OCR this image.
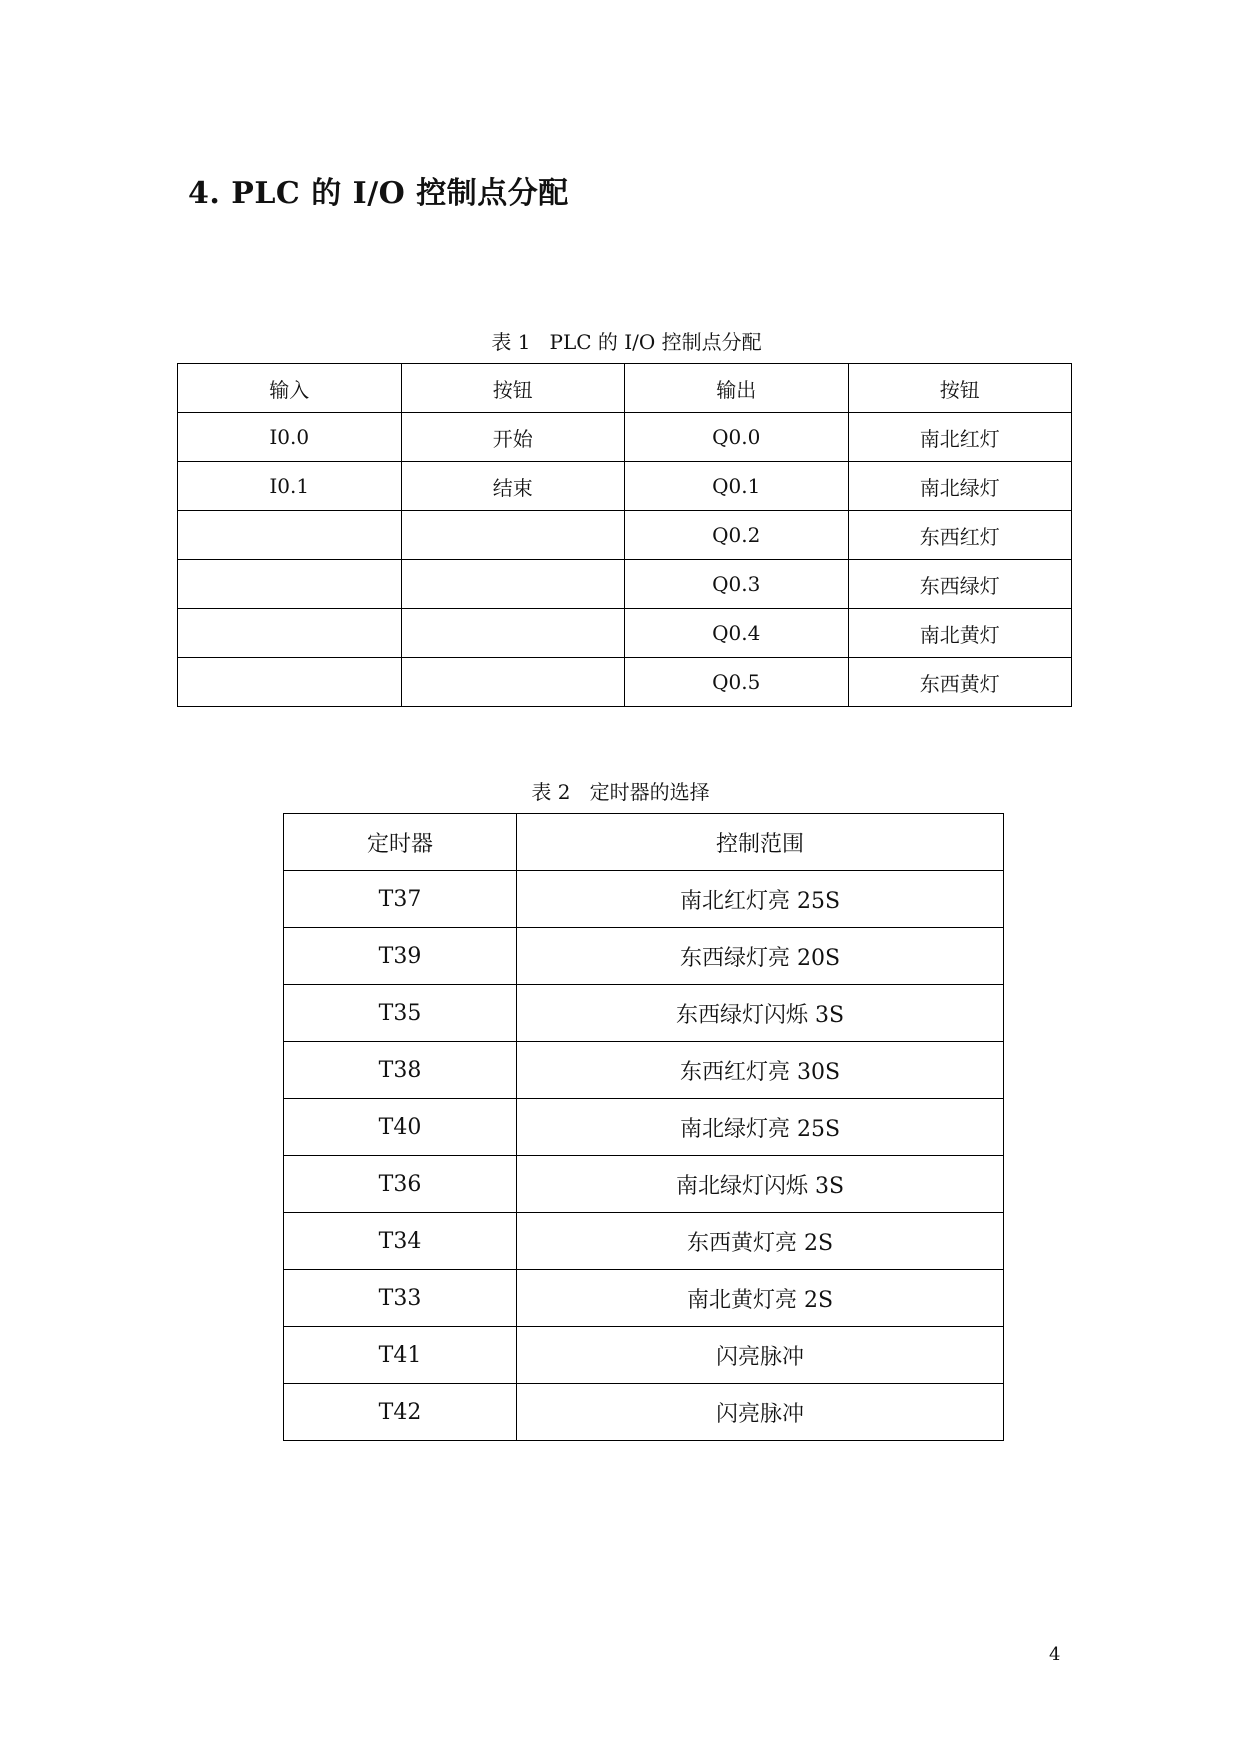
4. PLC 的 I/O 控制点分配
表 1   PLC 的 I/O 控制点分配
输入	按钮	输出	按钮
I0.0	开始	Q0.0	南北红灯
I0.1	结束	Q0.1	南北绿灯
		Q0.2	东西红灯
		Q0.3	东西绿灯
		Q0.4	南北黄灯
		Q0.5	东西黄灯
表 2   定时器的选择
定时器	控制范围
T37	南北红灯亮 25S
T39	东西绿灯亮 20S
T35	东西绿灯闪烁 3S
T38	东西红灯亮 30S
T40	南北绿灯亮 25S
T36	南北绿灯闪烁 3S
T34	东西黄灯亮 2S
T33	南北黄灯亮 2S
T41	闪亮脉冲
T42	闪亮脉冲
4
